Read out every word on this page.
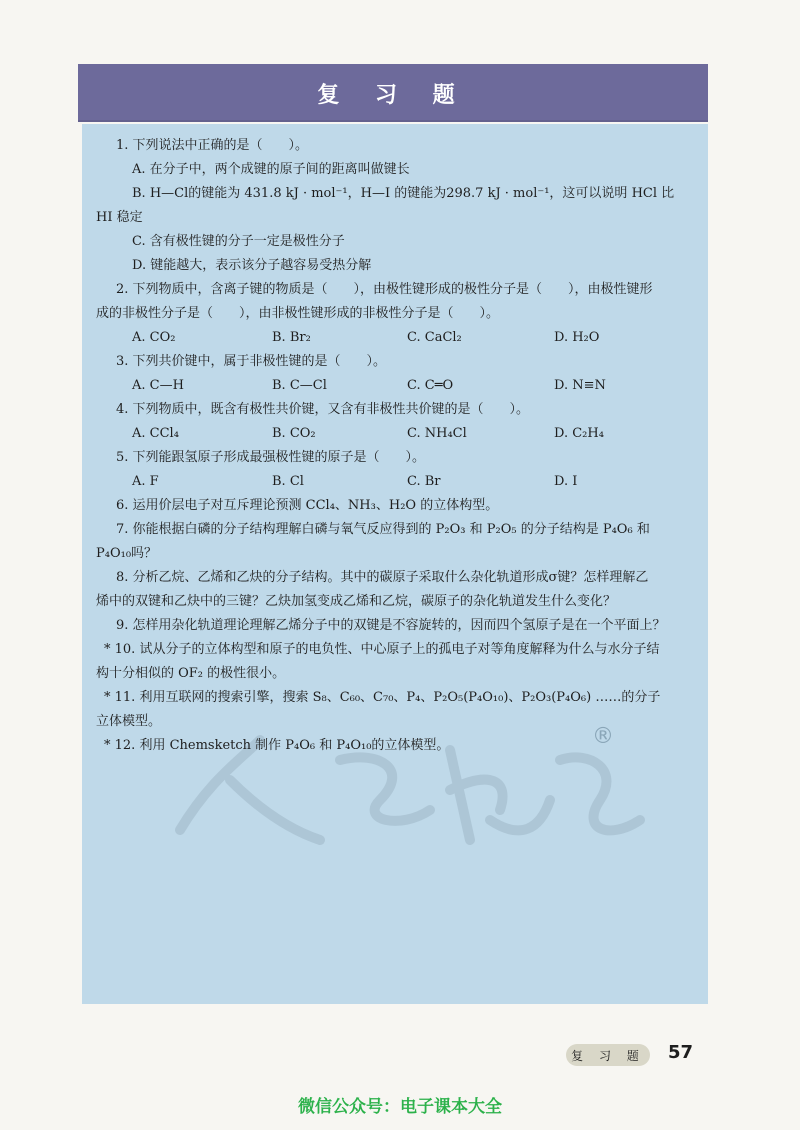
复 习 题
®
1. 下列说法中正确的是（　　）。
A. 在分子中，两个成键的原子间的距离叫做键长
B. H—Cl的键能为 431.8 kJ · mol⁻¹，H—I 的键能为298.7 kJ · mol⁻¹，这可以说明 HCl 比
HI 稳定
C. 含有极性键的分子一定是极性分子
D. 键能越大，表示该分子越容易受热分解
2. 下列物质中，含离子键的物质是（　　），由极性键形成的极性分子是（　　），由极性键形
成的非极性分子是（　　），由非极性键形成的非极性分子是（　　）。
A. CO₂	B. Br₂	C. CaCl₂	D. H₂O
3. 下列共价键中，属于非极性键的是（　　）。
A. C—H	B. C—Cl	C. C═O	D. N≡N
4. 下列物质中，既含有极性共价键，又含有非极性共价键的是（　　）。
A. CCl₄	B. CO₂	C. NH₄Cl	D. C₂H₄
5. 下列能跟氢原子形成最强极性键的原子是（　　）。
A. F	B. Cl	C. Br	D. I
6. 运用价层电子对互斥理论预测 CCl₄、NH₃、H₂O 的立体构型。
7. 你能根据白磷的分子结构理解白磷与氧气反应得到的 P₂O₃ 和 P₂O₅ 的分子结构是 P₄O₆ 和
P₄O₁₀吗？
8. 分析乙烷、乙烯和乙炔的分子结构。其中的碳原子采取什么杂化轨道形成σ键？怎样理解乙
烯中的双键和乙炔中的三键？乙炔加氢变成乙烯和乙烷，碳原子的杂化轨道发生什么变化？
9. 怎样用杂化轨道理论理解乙烯分子中的双键是不容旋转的，因而四个氢原子是在一个平面上？
* 10. 试从分子的立体构型和原子的电负性、中心原子上的孤电子对等角度解释为什么与水分子结
构十分相似的 OF₂ 的极性很小。
* 11. 利用互联网的搜索引擎，搜索 S₈、C₆₀、C₇₀、P₄、P₂O₅(P₄O₁₀)、P₂O₃(P₄O₆) ……的分子
立体模型。
* 12. 利用 Chemsketch 制作 P₄O₆ 和 P₄O₁₀的立体模型。
复 习 题 57
微信公众号：电子课本大全
